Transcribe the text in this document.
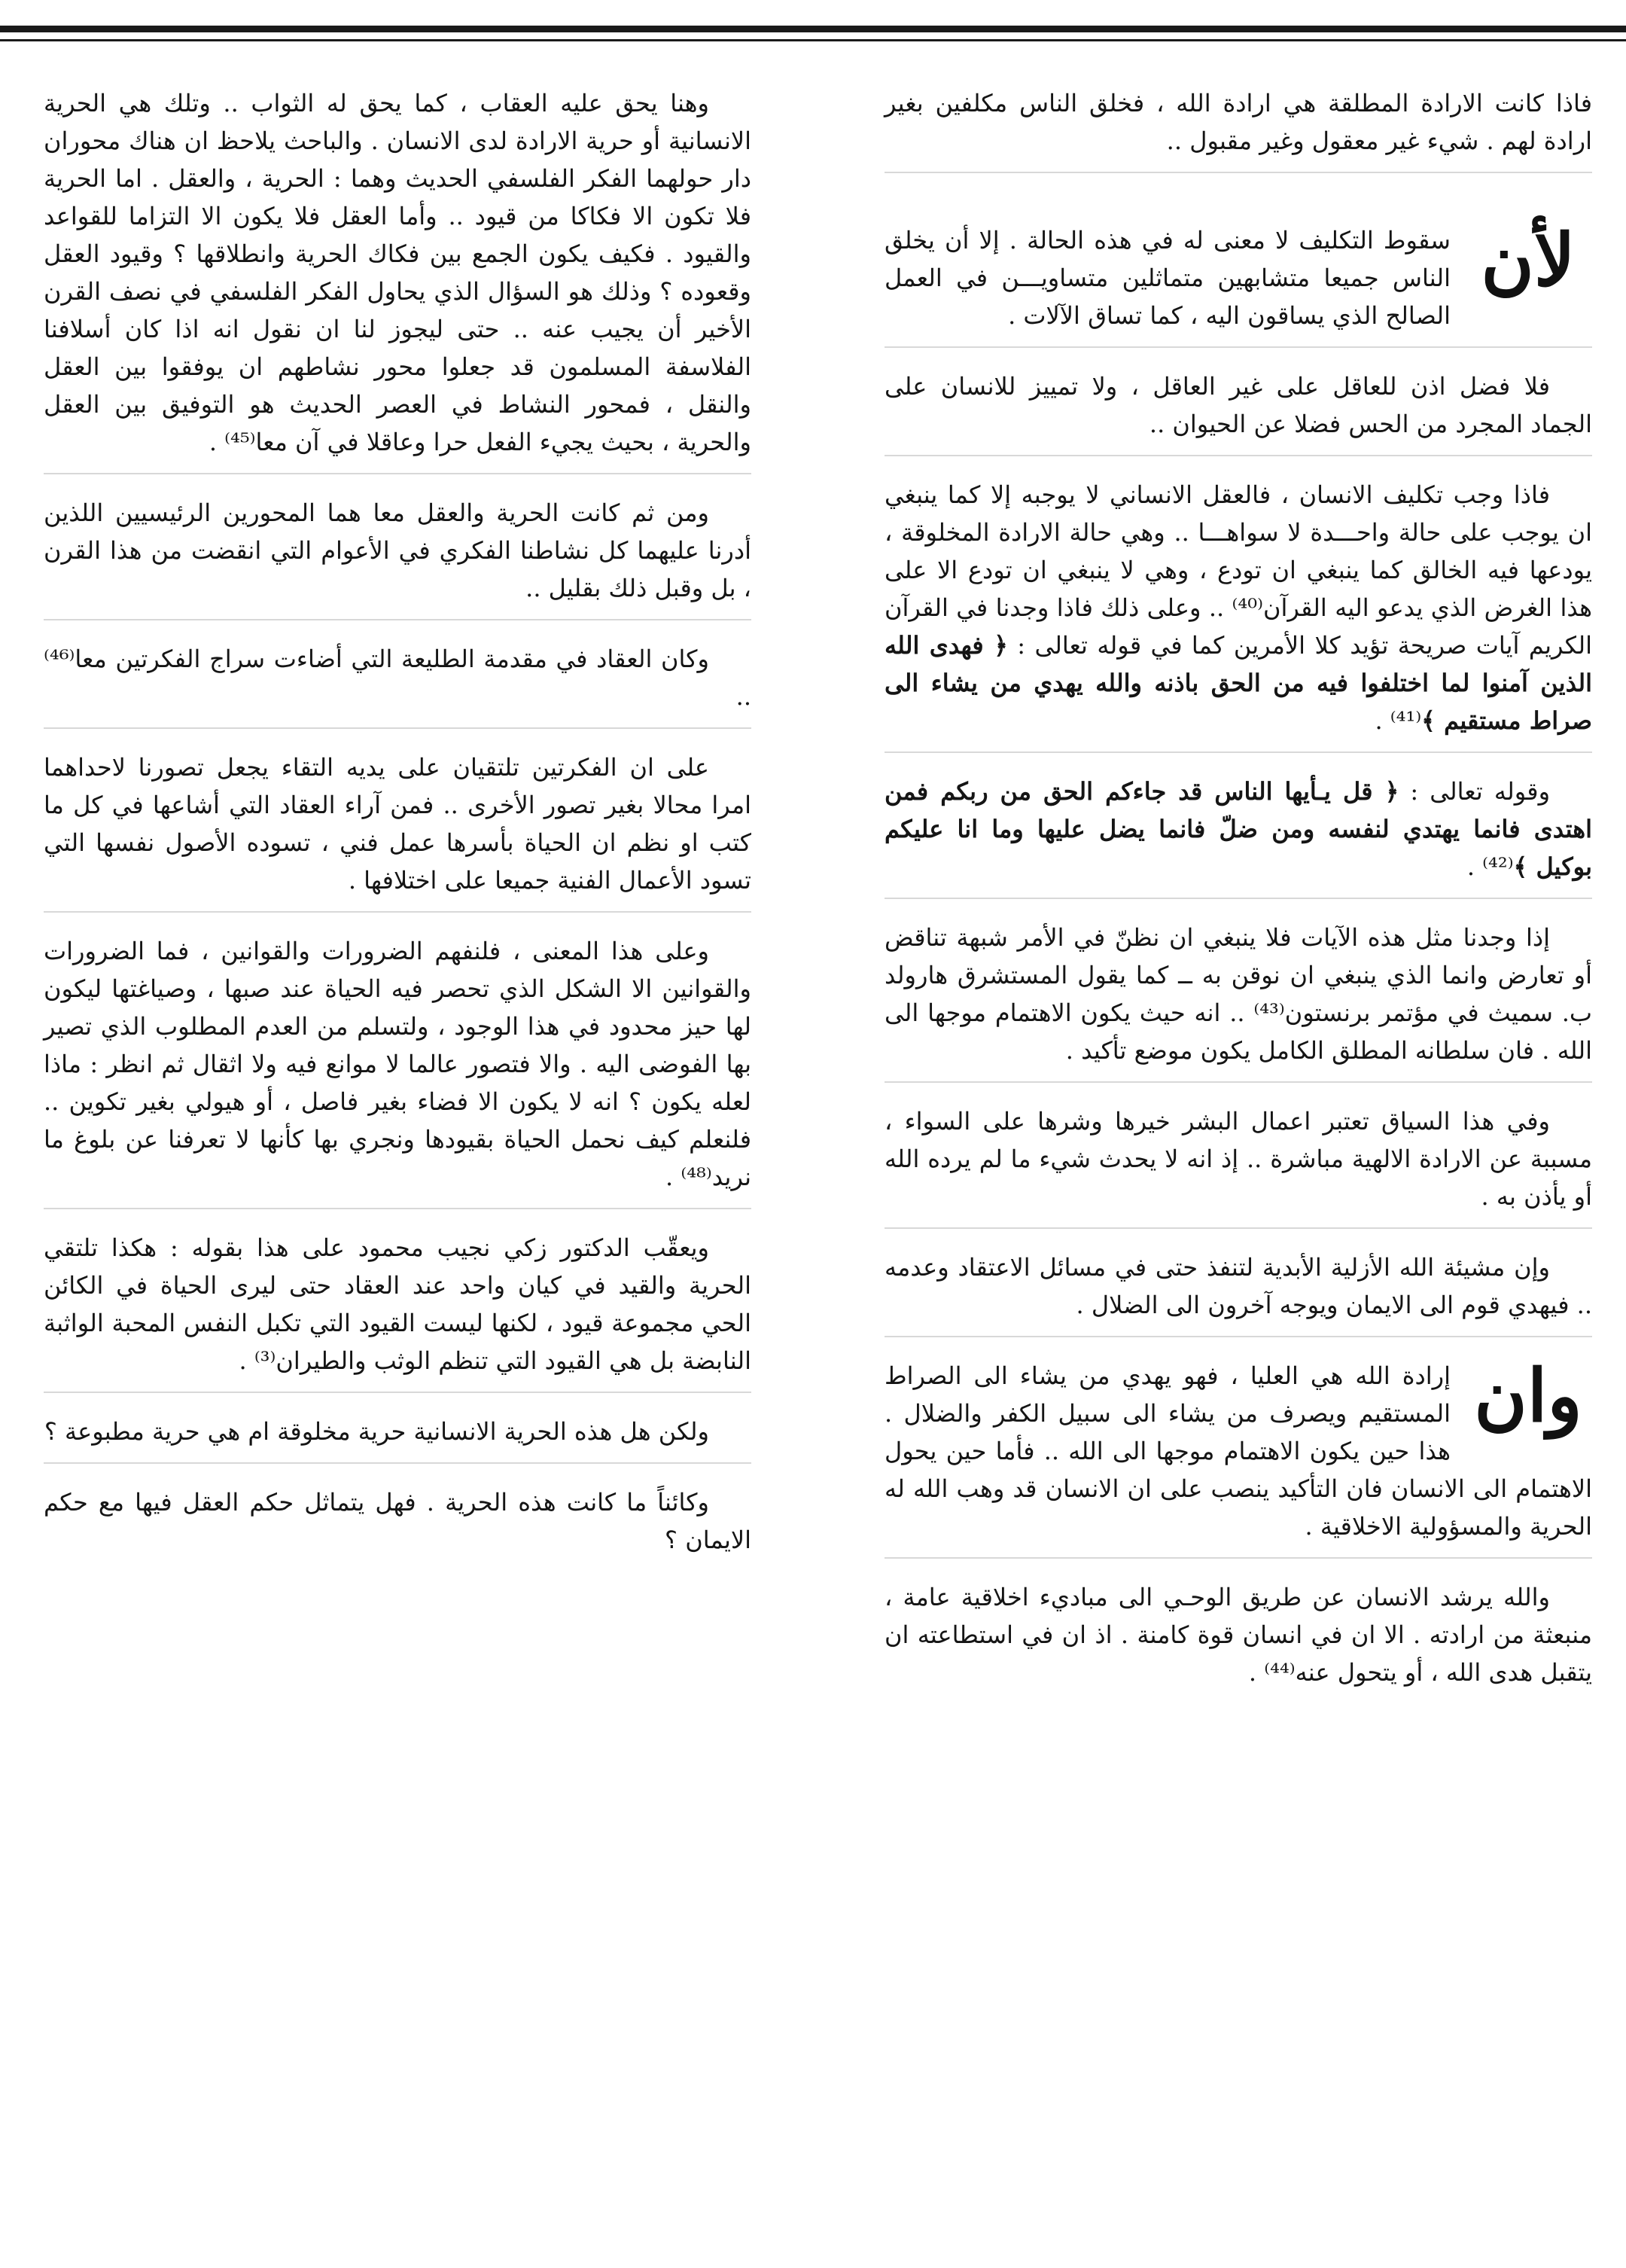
فاذا كانت الارادة المطلقة هي ارادة الله ، فخلق الناس مكلفين بغير ارادة لهم . شيء غير معقول وغير مقبول ..

لأن
سقوط التكليف لا معنى له في هذه الحالة . إلا أن يخلق الناس جميعا متشابهين متماثلين متساويـــن في العمل الصالح الذي يساقون اليه ، كما تساق الآلات .

فلا فضل اذن للعاقل على غير العاقل ، ولا تمييز للانسان على الجماد المجرد من الحس فضلا عن الحيوان ..

فاذا وجب تكليف الانسان ، فالعقل الانساني لا يوجبه إلا كما ينبغي ان يوجب على حالة واحـــدة لا سواهـــا .. وهي حالة الارادة المخلوقة ، يودعها فيه الخالق كما ينبغي ان تودع ، وهي لا ينبغي ان تودع الا على هذا الغرض الذي يدعو اليه القرآن⁽⁴⁰⁾ .. وعلى ذلك فاذا وجدنا في القرآن الكريم آيات صريحة تؤيد كلا الأمرين كما في قوله تعالى : ﴿ فهدى الله الذين آمنوا لما اختلفوا فيه من الحق باذنه والله يهدي من يشاء الى صراط مستقيم ﴾⁽⁴¹⁾ .

وقوله تعالى : ﴿ قل يـأيها الناس قد جاءكم الحق من ربكم فمن اهتدى فانما يهتدي لنفسه ومن ضلّ فانما يضل عليها وما انا عليكم بوكيل ﴾⁽⁴²⁾ .

إذا وجدنا مثل هذه الآيات فلا ينبغي ان نظنّ في الأمر شبهة تناقض أو تعارض وانما الذي ينبغي ان نوقن به ــ كما يقول المستشرق هارولد ب. سميث في مؤتمر برنستون⁽⁴³⁾ .. انه حيث يكون الاهتمام موجها الى الله . فان سلطانه المطلق الكامل يكون موضع تأكيد .

وفي هذا السياق تعتبر اعمال البشر خيرها وشرها على السواء ، مسببة عن الارادة الالهية مباشرة .. إذ انه لا يحدث شيء ما لم يرده الله أو يأذن به .

وإن مشيئة الله الأزلية الأبدية لتنفذ حتى في مسائل الاعتقاد وعدمه .. فيهدي قوم الى الايمان ويوجه آخرون الى الضلال .

وان
إرادة الله هي العليا ، فهو يهدي من يشاء الى الصراط المستقيم ويصرف من يشاء الى سبيل الكفر والضلال . هذا حين يكون الاهتمام موجها الى الله .. فأما حين يحول الاهتمام الى الانسان فان التأكيد ينصب على ان الانسان قد وهب الله له الحرية والمسؤولية الاخلاقية .

والله يرشد الانسان عن طريق الوحـي الى مباديء اخلاقية عامة ، منبعثة من ارادته . الا ان في انسان قوة كامنة . اذ ان في استطاعته ان يتقبل هدى الله ، أو يتحول عنه⁽⁴⁴⁾ .

وهنا يحق عليه العقاب ، كما يحق له الثواب .. وتلك هي الحرية الانسانية أو حرية الارادة لدى الانسان . والباحث يلاحظ ان هناك محوران دار حولهما الفكر الفلسفي الحديث وهما : الحرية ، والعقل . اما الحرية فلا تكون الا فكاكا من قيود .. وأما العقل فلا يكون الا التزاما للقواعد والقيود . فكيف يكون الجمع بين فكاك الحرية وانطلاقها ؟ وقيود العقل وقعوده ؟ وذلك هو السؤال الذي يحاول الفكر الفلسفي في نصف القرن الأخير أن يجيب عنه .. حتى ليجوز لنا ان نقول انه اذا كان أسلافنا الفلاسفة المسلمون قد جعلوا محور نشاطهم ان يوفقوا بين العقل والنقل ، فمحور النشاط في العصر الحديث هو التوفيق بين العقل والحرية ، بحيث يجيء الفعل حرا وعاقلا في آن معا⁽⁴⁵⁾ .

ومن ثم كانت الحرية والعقل معا هما المحورين الرئيسيين اللذين أدرنا عليهما كل نشاطنا الفكري في الأعوام التي انقضت من هذا القرن ، بل وقبل ذلك بقليل ..

وكان العقاد في مقدمة الطليعة التي أضاءت سراج الفكرتين معا⁽⁴⁶⁾ ..

على ان الفكرتين تلتقيان على يديه التقاء يجعل تصورنا لاحداهما امرا محالا بغير تصور الأخرى .. فمن آراء العقاد التي أشاعها في كل ما كتب او نظم ان الحياة بأسرها عمل فني ، تسوده الأصول نفسها التي تسود الأعمال الفنية جميعا على اختلافها .

وعلى هذا المعنى ، فلنفهم الضرورات والقوانين ، فما الضرورات والقوانين الا الشكل الذي تحصر فيه الحياة عند صبها ، وصياغتها ليكون لها حيز محدود في هذا الوجود ، ولتسلم من العدم المطلوب الذي تصير بها الفوضى اليه . والا فتصور عالما لا موانع فيه ولا اثقال ثم انظر : ماذا لعله يكون ؟ انه لا يكون الا فضاء بغير فاصل ، أو هيولي بغير تكوين .. فلنعلم كيف نحمل الحياة بقيودها ونجري بها كأنها لا تعرفنا عن بلوغ ما نريد⁽⁴⁸⁾ .

ويعقّب الدكتور زكي نجيب محمود على هذا بقوله : هكذا تلتقي الحرية والقيد في كيان واحد عند العقاد حتى ليرى الحياة في الكائن الحي مجموعة قيود ، لكنها ليست القيود التي تكبل النفس المحبة الواثبة النابضة بل هي القيود التي تنظم الوثب والطيران⁽³⁾ .

ولكن هل هذه الحرية الانسانية حرية مخلوقة ام هي حرية مطبوعة ؟

وكائناً ما كانت هذه الحرية . فهل يتماثل حكم العقل فيها مع حكم الايمان ؟
